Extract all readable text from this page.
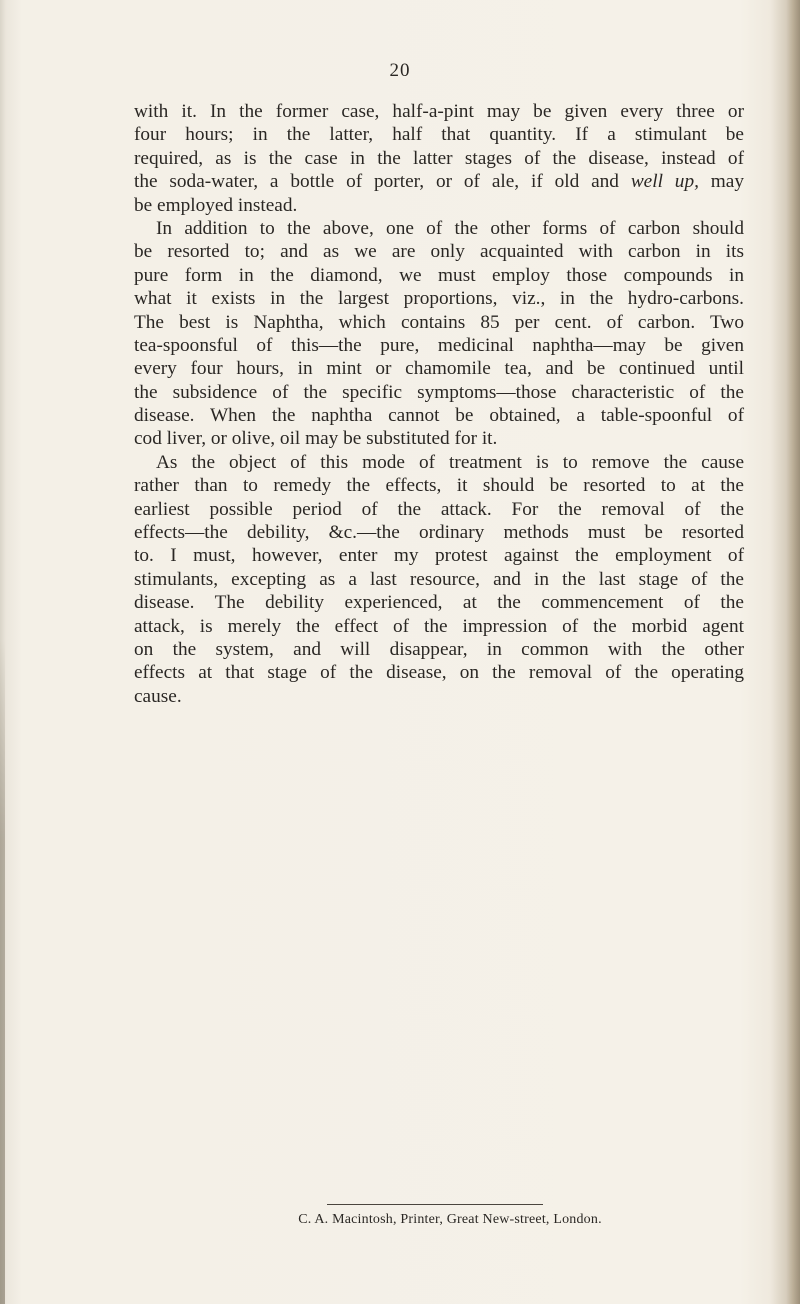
20
with it. In the former case, half-a-pint may be given every three or
four hours; in the latter, half that quantity. If a stimulant be
required, as is the case in the latter stages of the disease, instead of
the soda-water, a bottle of porter, or of ale, if old and well up, may
be employed instead.
In addition to the above, one of the other forms of carbon should
be resorted to; and as we are only acquainted with carbon in its
pure form in the diamond, we must employ those compounds in
what it exists in the largest proportions, viz., in the hydro-carbons.
The best is Naphtha, which contains 85 per cent. of carbon. Two
tea-spoonsful of this—the pure, medicinal naphtha—may be given
every four hours, in mint or chamomile tea, and be continued until
the subsidence of the specific symptoms—those characteristic of the
disease. When the naphtha cannot be obtained, a table-spoonful of
cod liver, or olive, oil may be substituted for it.
As the object of this mode of treatment is to remove the cause
rather than to remedy the effects, it should be resorted to at the
earliest possible period of the attack. For the removal of the
effects—the debility, &c.—the ordinary methods must be resorted
to. I must, however, enter my protest against the employment of
stimulants, excepting as a last resource, and in the last stage of the
disease. The debility experienced, at the commencement of the
attack, is merely the effect of the impression of the morbid agent
on the system, and will disappear, in common with the other
effects at that stage of the disease, on the removal of the operating
cause.
C. A. Macintosh, Printer, Great New-street, London.
